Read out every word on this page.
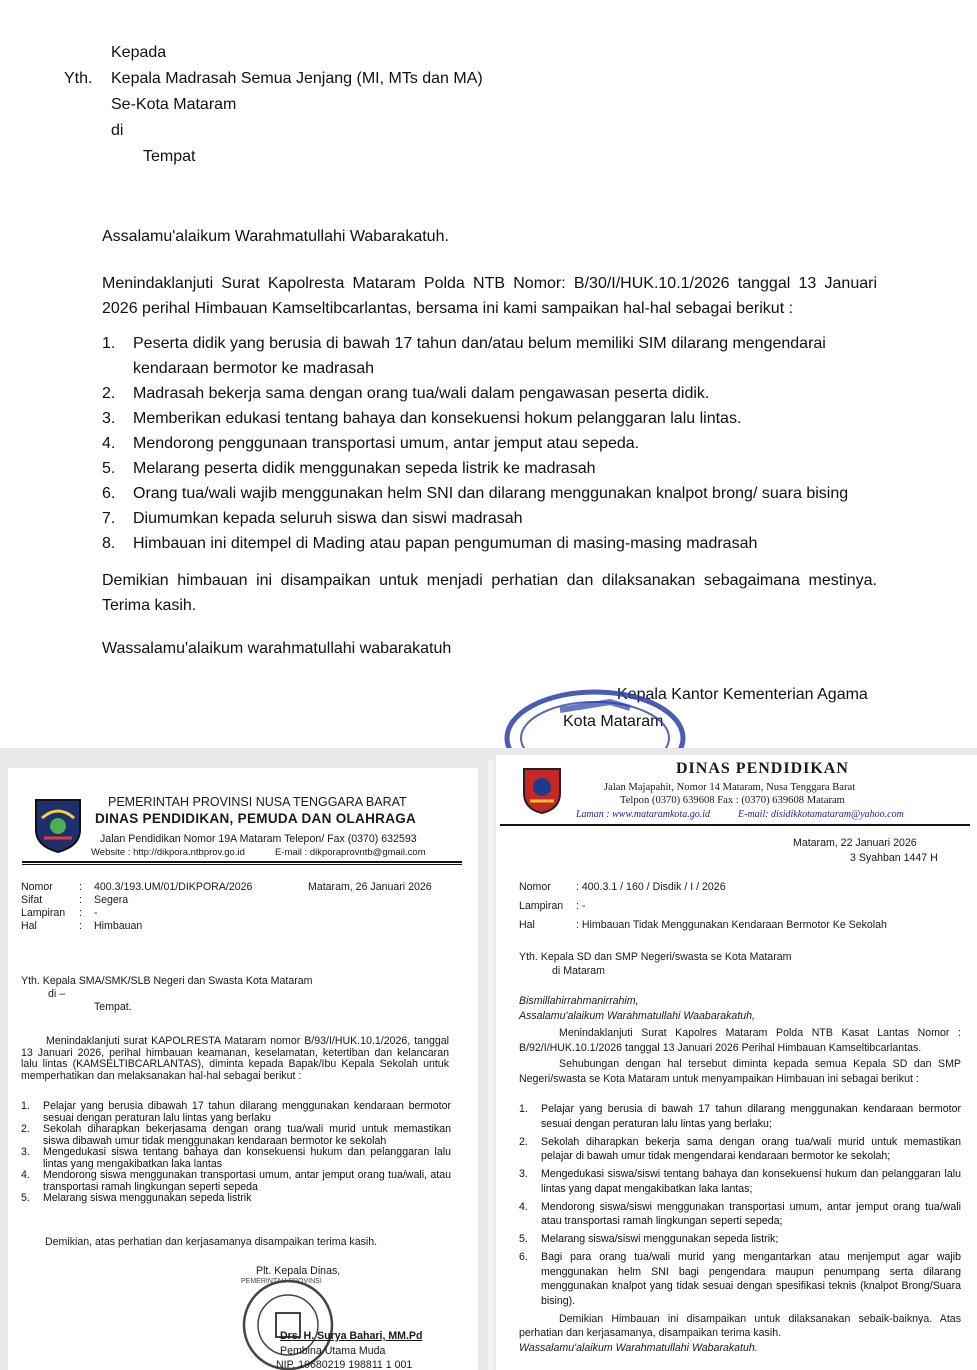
Kepada
Yth. Kepala Madrasah Semua Jenjang (MI, MTs dan MA)
Se-Kota Mataram
di
Tempat
Assalamu'alaikum Warahmatullahi Wabarakatuh.
Menindaklanjuti Surat Kapolresta Mataram Polda NTB Nomor: B/30/I/HUK.10.1/2026 tanggal 13 Januari 2026 perihal Himbauan Kamseltibcarlantas, bersama ini kami sampaikan hal-hal sebagai berikut :
1. Peserta didik yang berusia di bawah 17 tahun dan/atau belum memiliki SIM dilarang mengendarai kendaraan bermotor ke madrasah
2. Madrasah bekerja sama dengan orang tua/wali dalam pengawasan peserta didik.
3. Memberikan edukasi tentang bahaya dan konsekuensi hokum pelanggaran lalu lintas.
4. Mendorong penggunaan transportasi umum, antar jemput atau sepeda.
5. Melarang peserta didik menggunakan sepeda listrik ke madrasah
6. Orang tua/wali wajib menggunakan helm SNI dan dilarang menggunakan knalpot brong/ suara bising
7. Diumumkan kepada seluruh siswa dan siswi madrasah
8. Himbauan ini ditempel di Mading atau papan pengumuman di masing-masing madrasah
Demikian himbauan ini disampaikan untuk menjadi perhatian dan dilaksanakan sebagaimana mestinya. Terima kasih.
Wassalamu'alaikum warahmatullahi wabarakatuh
Kepala Kantor Kementerian Agama
Kota Mataram
PEMERINTAH PROVINSI NUSA TENGGARA BARAT
DINAS PENDIDIKAN, PEMUDA DAN OLAHRAGA
Jalan Pendidikan Nomor 19A Mataram Telepon/ Fax (0370) 632593
Website : http://dikpora.ntbprov.go.id	E-mail : dikporaprovntb@gmail.com
Nomor	400.3/193.UM/01/DIKPORA/2026
Sifat	Segera
Lampiran	-
Hal	Himbauan
:
:
:
:
Mataram, 26 Januari 2026
Yth. Kepala SMA/SMK/SLB Negeri dan Swasta Kota Mataram
di –
Tempat.
Menindaklanjuti surat KAPOLRESTA Mataram nomor B/93/I/HUK.10.1/2026, tanggal 13 Januari 2026, perihal himbauan keamanan, keselamatan, ketertiban dan kelancaran lalu lintas (KAMSELTIBCARLANTAS), diminta kepada Bapak/Ibu Kepala Sekolah untuk memperhatikan dan melaksanakan hal-hal sebagai berikut :
1. Pelajar yang berusia dibawah 17 tahun dilarang menggunakan kendaraan bermotor sesuai dengan peraturan lalu lintas yang berlaku
2. Sekolah diharapkan bekerjasama dengan orang tua/wali murid untuk memastikan siswa dibawah umur tidak menggunakan kendaraan bermotor ke sekolah
3. Mengedukasi siswa tentang bahaya dan konsekuensi hukum dan pelanggaran lalu lintas yang mengakibatkan laka lantas
4. Mendorong siswa menggunakan transportasi umum, antar jemput orang tua/wali, atau transportasi ramah lingkungan seperti sepeda
5. Melarang siswa menggunakan sepeda listrik
Demikian, atas perhatian dan kerjasamanya disampaikan terima kasih.
Plt. Kepala Dinas,
Drs. H. Surya Bahari, MM.Pd
Pembina Utama Muda
NIP. 19680219 198811 1 001
PEMERINTAH PROVINSI
DINAS PENDIDIKAN
Jalan Majapahit, Nomor 14 Mataram, Nusa Tenggara Barat
Telpon (0370) 639608 Fax : (0370) 639608 Mataram
Laman : www.mataramkota.go.id	E-mail: disidikkotamataram@yahoo.com
Mataram, 22 Januari 2026
3 Syahban 1447 H
Nomor : 400.3.1 / 160 / Disdik / I / 2026
Lampiran : -
Hal	: Himbauan Tidak Menggunakan Kendaraan Bermotor Ke Sekolah
Yth. Kepala SD dan SMP Negeri/swasta se Kota Mataram
di Mataram
Bismillahirrahmanirrahim,
Assalamu'alaikum Warahmatullahi Waabarakatuh,
Menindaklanjuti Surat Kapolres Mataram Polda NTB Kasat Lantas Nomor : B/92/I/HUK.10.1/2026 tanggal 13 Januari 2026 Perihal Himbauan Kamseltibcarlantas.
Sehubungan dengan hal tersebut diminta kepada semua Kepala SD dan SMP Negeri/swasta se Kota Mataram untuk menyampaikan Himbauan ini sebagai berikut :
1. Pelajar yang berusia di bawah 17 tahun dilarang menggunakan kendaraan bermotor sesuai dengan peraturan lalu lintas yang berlaku;
2. Sekolah diharapkan bekerja sama dengan orang tua/wali murid untuk memastikan pelajar di bawah umur tidak mengendarai kendaraan bermotor ke sekolah;
3. Mengedukasi siswa/siswi tentang bahaya dan konsekuensi hukum dan pelanggaran lalu lintas yang dapat mengakibatkan laka lantas;
4. Mendorong siswa/siswi menggunakan transportasi umum, antar jemput orang tua/wali atau transportasi ramah lingkungan seperti sepeda;
5. Melarang siswa/siswi menggunakan sepeda listrik;
6. Bagi para orang tua/wali murid yang mengantarkan atau menjemput agar wajib menggunakan helm SNI bagi pengendara maupun penumpang serta dilarang menggunakan knalpot yang tidak sesuai dengan spesifikasi teknis (knalpot Brong/Suara bising).
Demikian Himbauan ini disampaikan untuk dilaksanakan sebaik-baiknya. Atas perhatian dan kerjasamanya, disampaikan terima kasih.
Wassalamu'alaikum Warahmatullahi Wabarakatuh.
